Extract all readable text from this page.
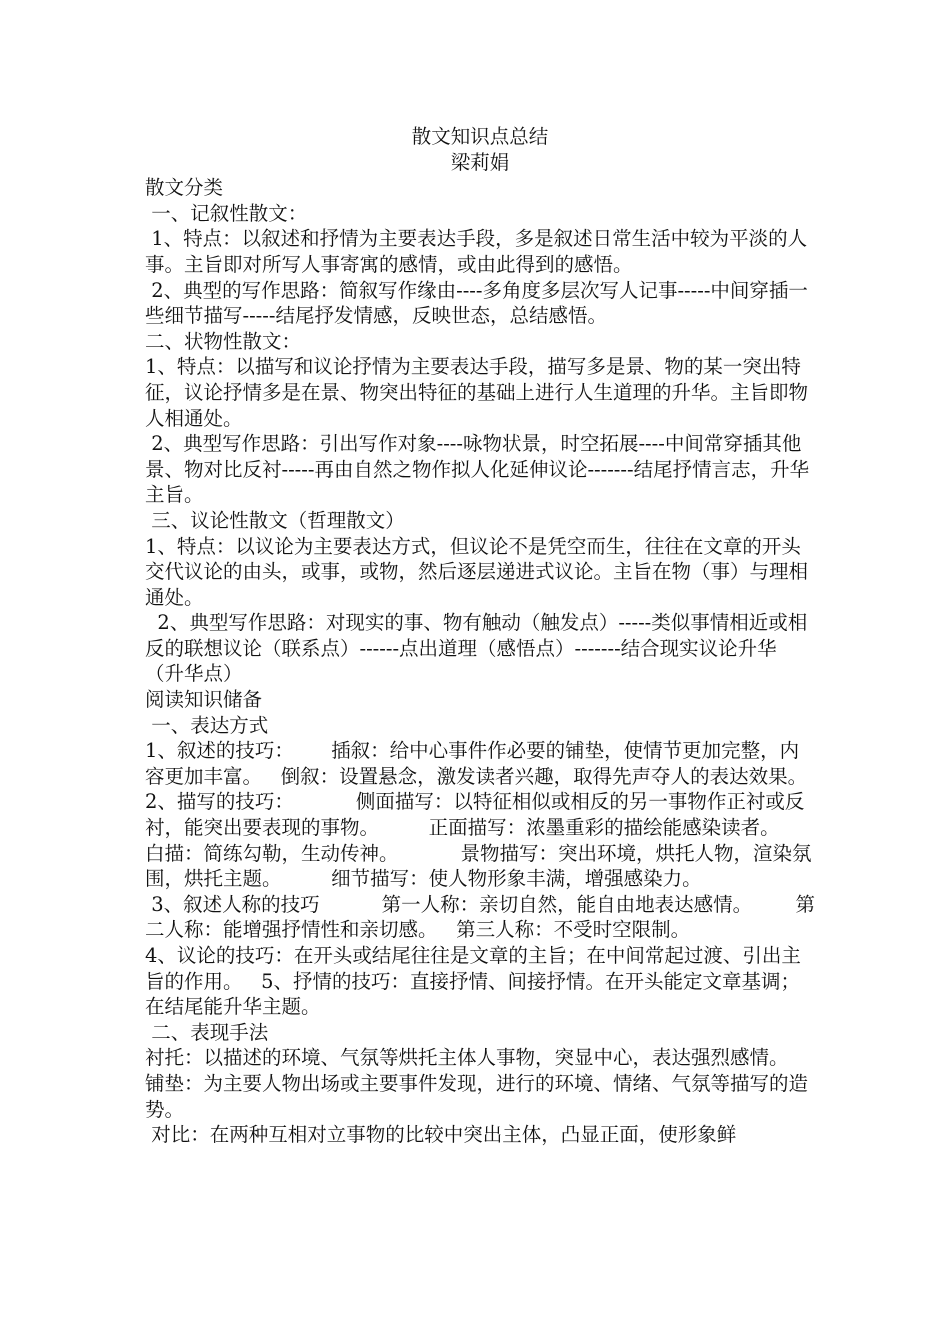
散文知识点总结
梁莉娟
散文分类
一、记叙性散文：
1、特点：以叙述和抒情为主要表达手段，多是叙述日常生活中较为平淡的人事。主旨即对所写人事寄寓的感情，或由此得到的感悟。
2、典型的写作思路：简叙写作缘由----多角度多层次写人记事-----中间穿插一些细节描写-----结尾抒发情感，反映世态，总结感悟。
二、状物性散文：
1、特点：以描写和议论抒情为主要表达手段，描写多是景、物的某一突出特征，议论抒情多是在景、物突出特征的基础上进行人生道理的升华。主旨即物人相通处。
2、典型写作思路：引出写作对象----咏物状景，时空拓展----中间常穿插其他景、物对比反衬-----再由自然之物作拟人化延伸议论-------结尾抒情言志，升华主旨。
三、议论性散文（哲理散文）
1、特点：以议论为主要表达方式，但议论不是凭空而生，往往在文章的开头交代议论的由头，或事，或物，然后逐层递进式议论。主旨在物（事）与理相通处。
2、典型写作思路：对现实的事、物有触动（触发点）-----类似事情相近或相反的联想议论（联系点）------点出道理（感悟点）-------结合现实议论升华（升华点）
阅读知识储备
一、表达方式
1、叙述的技巧：      插叙：给中心事件作必要的铺垫，使情节更加完整，内容更加丰富。   倒叙：设置悬念，激发读者兴趣，取得先声夺人的表达效果。
2、描写的技巧：          侧面描写：以特征相似或相反的另一事物作正衬或反衬，能突出要表现的事物。        正面描写：浓墨重彩的描绘能感染读者。        白描：简练勾勒，生动传神。          景物描写：突出环境，烘托人物，渲染氛围，烘托主题。        细节描写：使人物形象丰满，增强感染力。
3、叙述人称的技巧          第一人称：亲切自然，能自由地表达感情。       第二人称：能增强抒情性和亲切感。   第三人称：不受时空限制。
4、议论的技巧：在开头或结尾往往是文章的主旨；在中间常起过渡、引出主旨的作用。   5、抒情的技巧：直接抒情、间接抒情。在开头能定文章基调；在结尾能升华主题。
二、表现手法
衬托：以描述的环境、气氛等烘托主体人事物，突显中心，表达强烈感情。
铺垫：为主要人物出场或主要事件发现，进行的环境、情绪、气氛等描写的造势。
对比：在两种互相对立事物的比较中突出主体，凸显正面，使形象鲜
